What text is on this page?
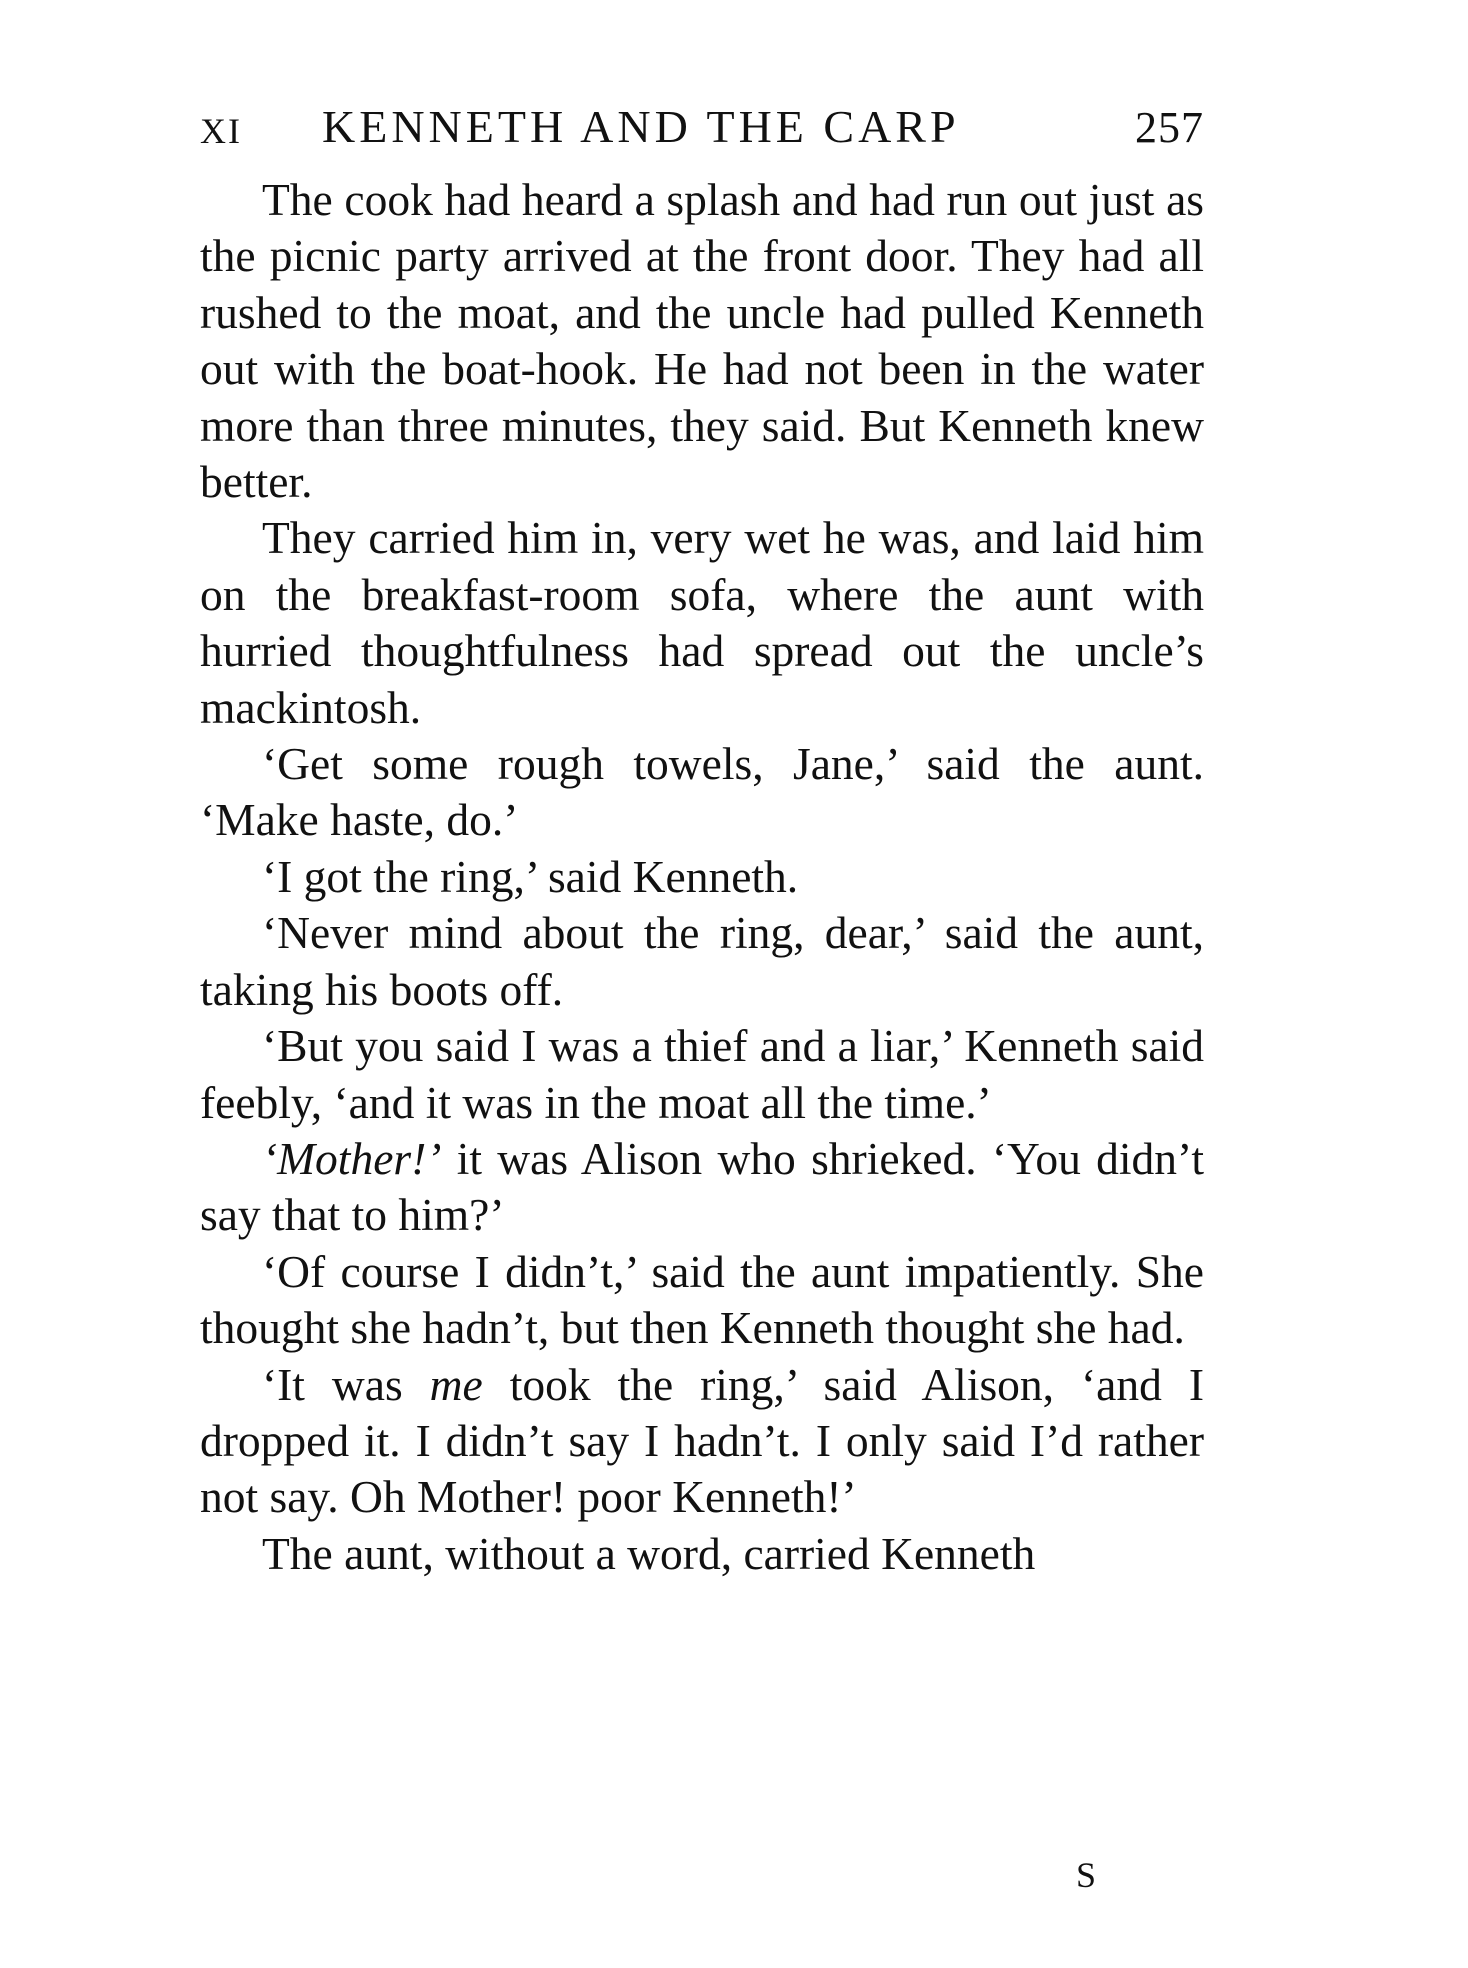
XI KENNETH AND THE CARP	257

The cook had heard a splash and had run out just as the picnic party arrived at the front door. They had all rushed to the moat, and the uncle had pulled Kenneth out with the boat-hook. He had not been in the water more than three minutes, they said. But Kenneth knew better.

They carried him in, very wet he was, and laid him on the breakfast-room sofa, where the aunt with hurried thoughtfulness had spread out the uncle’s mackintosh.

‘Get some rough towels, Jane,’ said the aunt. ‘Make haste, do.’

‘I got the ring,’ said Kenneth.

‘Never mind about the ring, dear,’ said the aunt, taking his boots off.

‘But you said I was a thief and a liar,’ Kenneth said feebly, ‘and it was in the moat all the time.’

‘Mother!’ it was Alison who shrieked. ‘You didn’t say that to him?’

‘Of course I didn’t,’ said the aunt impatiently. She thought she hadn’t, but then Kenneth thought she had.

‘It was me took the ring,’ said Alison, ‘and I dropped it. I didn’t say I hadn’t. I only said I’d rather not say. Oh Mother! poor Kenneth!’

The aunt, without a word, carried Kenneth

S
